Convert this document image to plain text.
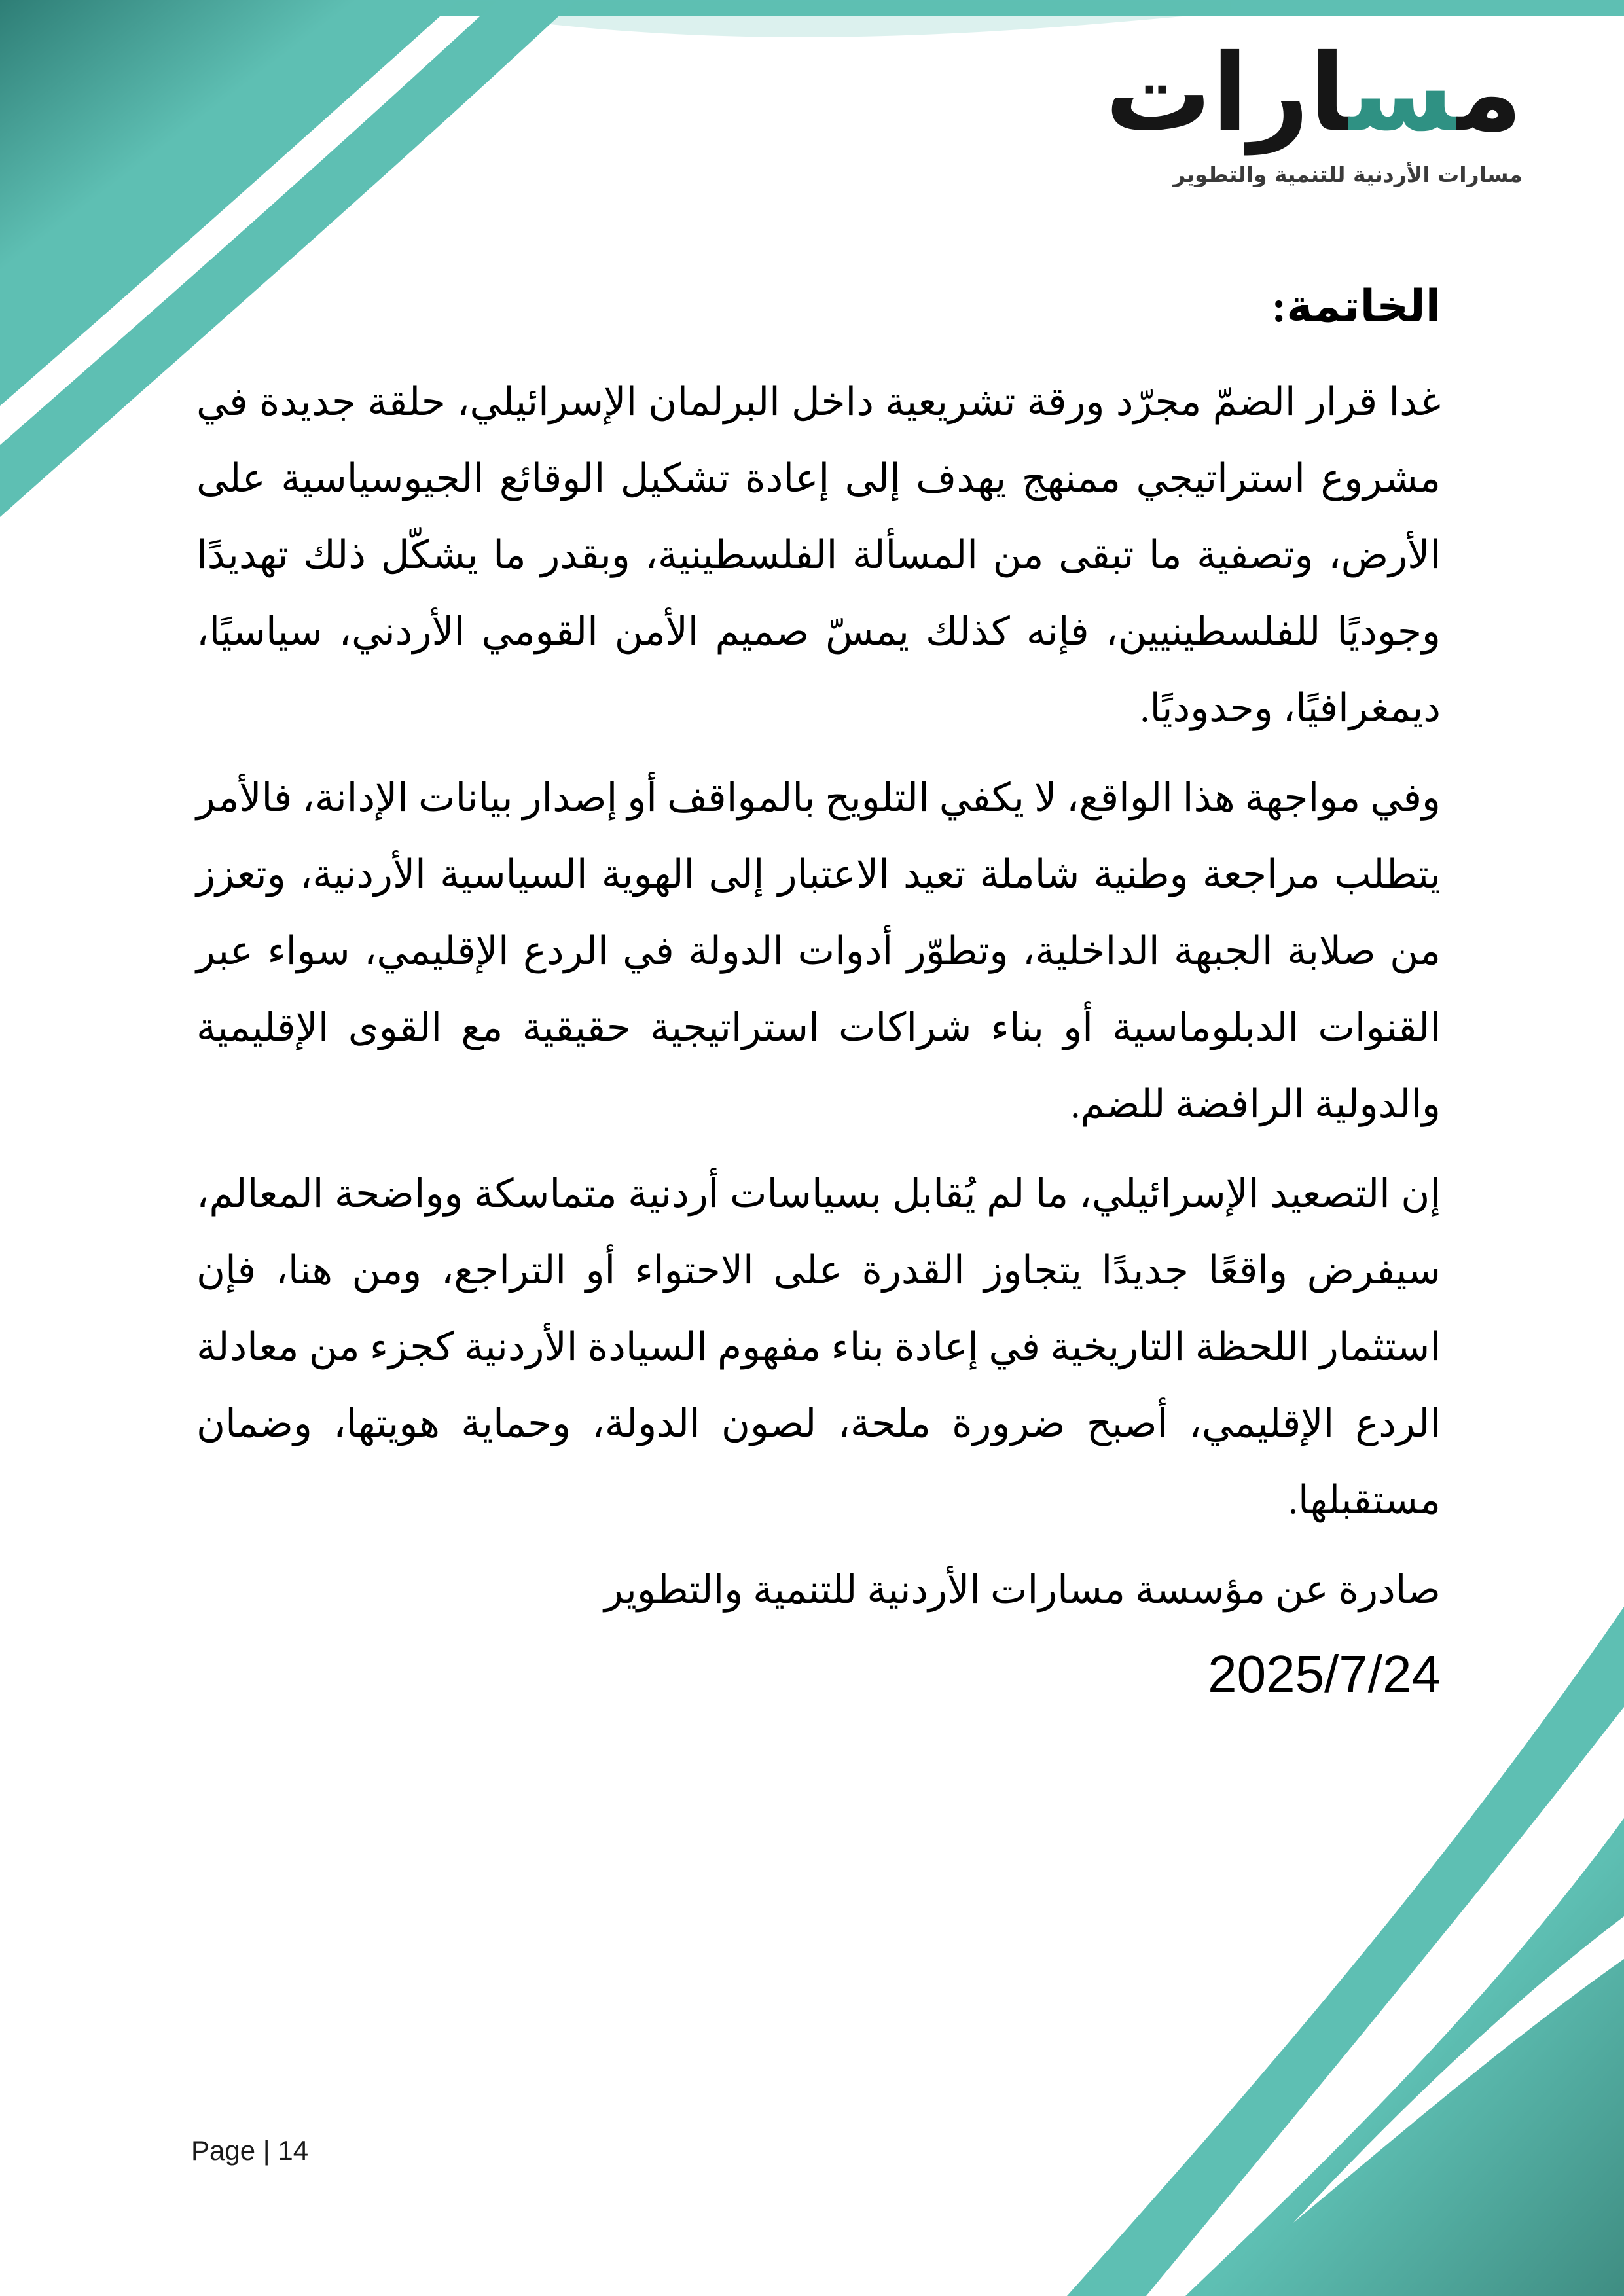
مسارات
مسارات الأردنية للتنمية والتطوير
الخاتمة:

غدا قرار الضمّ مجرّد ورقة تشريعية داخل البرلمان الإسرائيلي، حلقة جديدة في مشروع استراتيجي ممنهج يهدف إلى إعادة تشكيل الوقائع الجيوسياسية على الأرض، وتصفية ما تبقى من المسألة الفلسطينية، وبقدر ما يشكّل ذلك تهديدًا وجوديًا للفلسطينيين، فإنه كذلك يمسّ صميم الأمن القومي الأردني، سياسيًا، ديمغرافيًا، وحدوديًا.

وفي مواجهة هذا الواقع، لا يكفي التلويح بالمواقف أو إصدار بيانات الإدانة، فالأمر يتطلب مراجعة وطنية شاملة تعيد الاعتبار إلى الهوية السياسية الأردنية، وتعزز من صلابة الجبهة الداخلية، وتطوّر أدوات الدولة في الردع الإقليمي، سواء عبر القنوات الدبلوماسية أو بناء شراكات استراتيجية حقيقية مع القوى الإقليمية والدولية الرافضة للضم.

إن التصعيد الإسرائيلي، ما لم يُقابل بسياسات أردنية متماسكة وواضحة المعالم، سيفرض واقعًا جديدًا يتجاوز القدرة على الاحتواء أو التراجع، ومن هنا، فإن استثمار اللحظة التاريخية في إعادة بناء مفهوم السيادة الأردنية كجزء من معادلة الردع الإقليمي، أصبح ضرورة ملحة، لصون الدولة، وحماية هويتها، وضمان مستقبلها.

صادرة عن مؤسسة مسارات الأردنية للتنمية والتطوير

2025/7/24

Page | 14
